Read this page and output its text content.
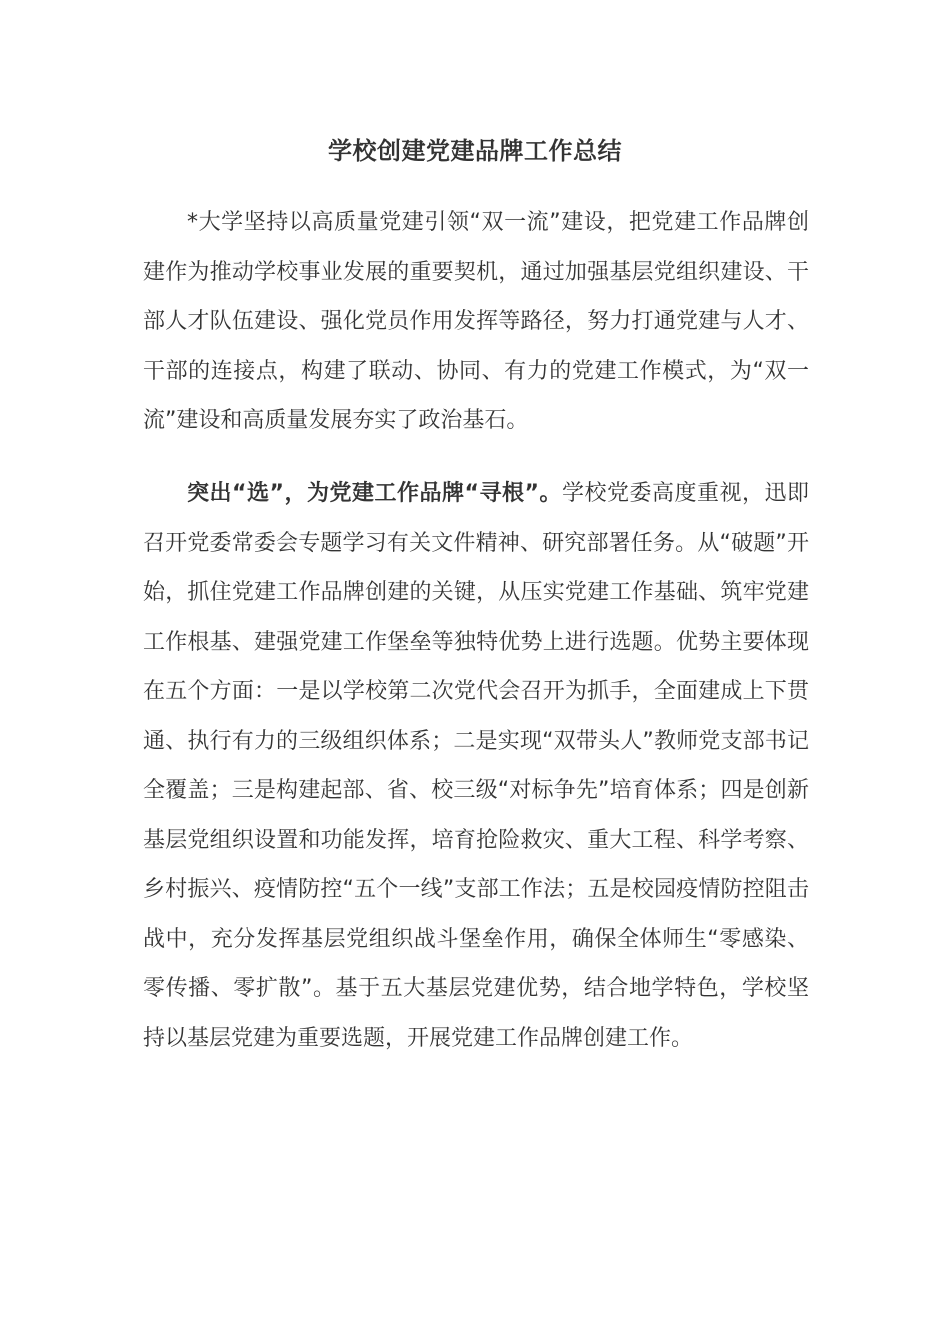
学校创建党建品牌工作总结

*大学坚持以高质量党建引领“双一流”建设，把党建工作品牌创建作为推动学校事业发展的重要契机，通过加强基层党组织建设、干部人才队伍建设、强化党员作用发挥等路径，努力打通党建与人才、干部的连接点，构建了联动、协同、有力的党建工作模式，为“双一流”建设和高质量发展夯实了政治基石。

突出“选”，为党建工作品牌“寻根”。学校党委高度重视，迅即召开党委常委会专题学习有关文件精神、研究部署任务。从“破题”开始，抓住党建工作品牌创建的关键，从压实党建工作基础、筑牢党建工作根基、建强党建工作堡垒等独特优势上进行选题。优势主要体现在五个方面：一是以学校第二次党代会召开为抓手，全面建成上下贯通、执行有力的三级组织体系；二是实现“双带头人”教师党支部书记全覆盖；三是构建起部、省、校三级“对标争先”培育体系；四是创新基层党组织设置和功能发挥，培育抢险救灾、重大工程、科学考察、乡村振兴、疫情防控“五个一线”支部工作法；五是校园疫情防控阻击战中，充分发挥基层党组织战斗堡垒作用，确保全体师生“零感染、零传播、零扩散”。基于五大基层党建优势，结合地学特色，学校坚持以基层党建为重要选题，开展党建工作品牌创建工作。
